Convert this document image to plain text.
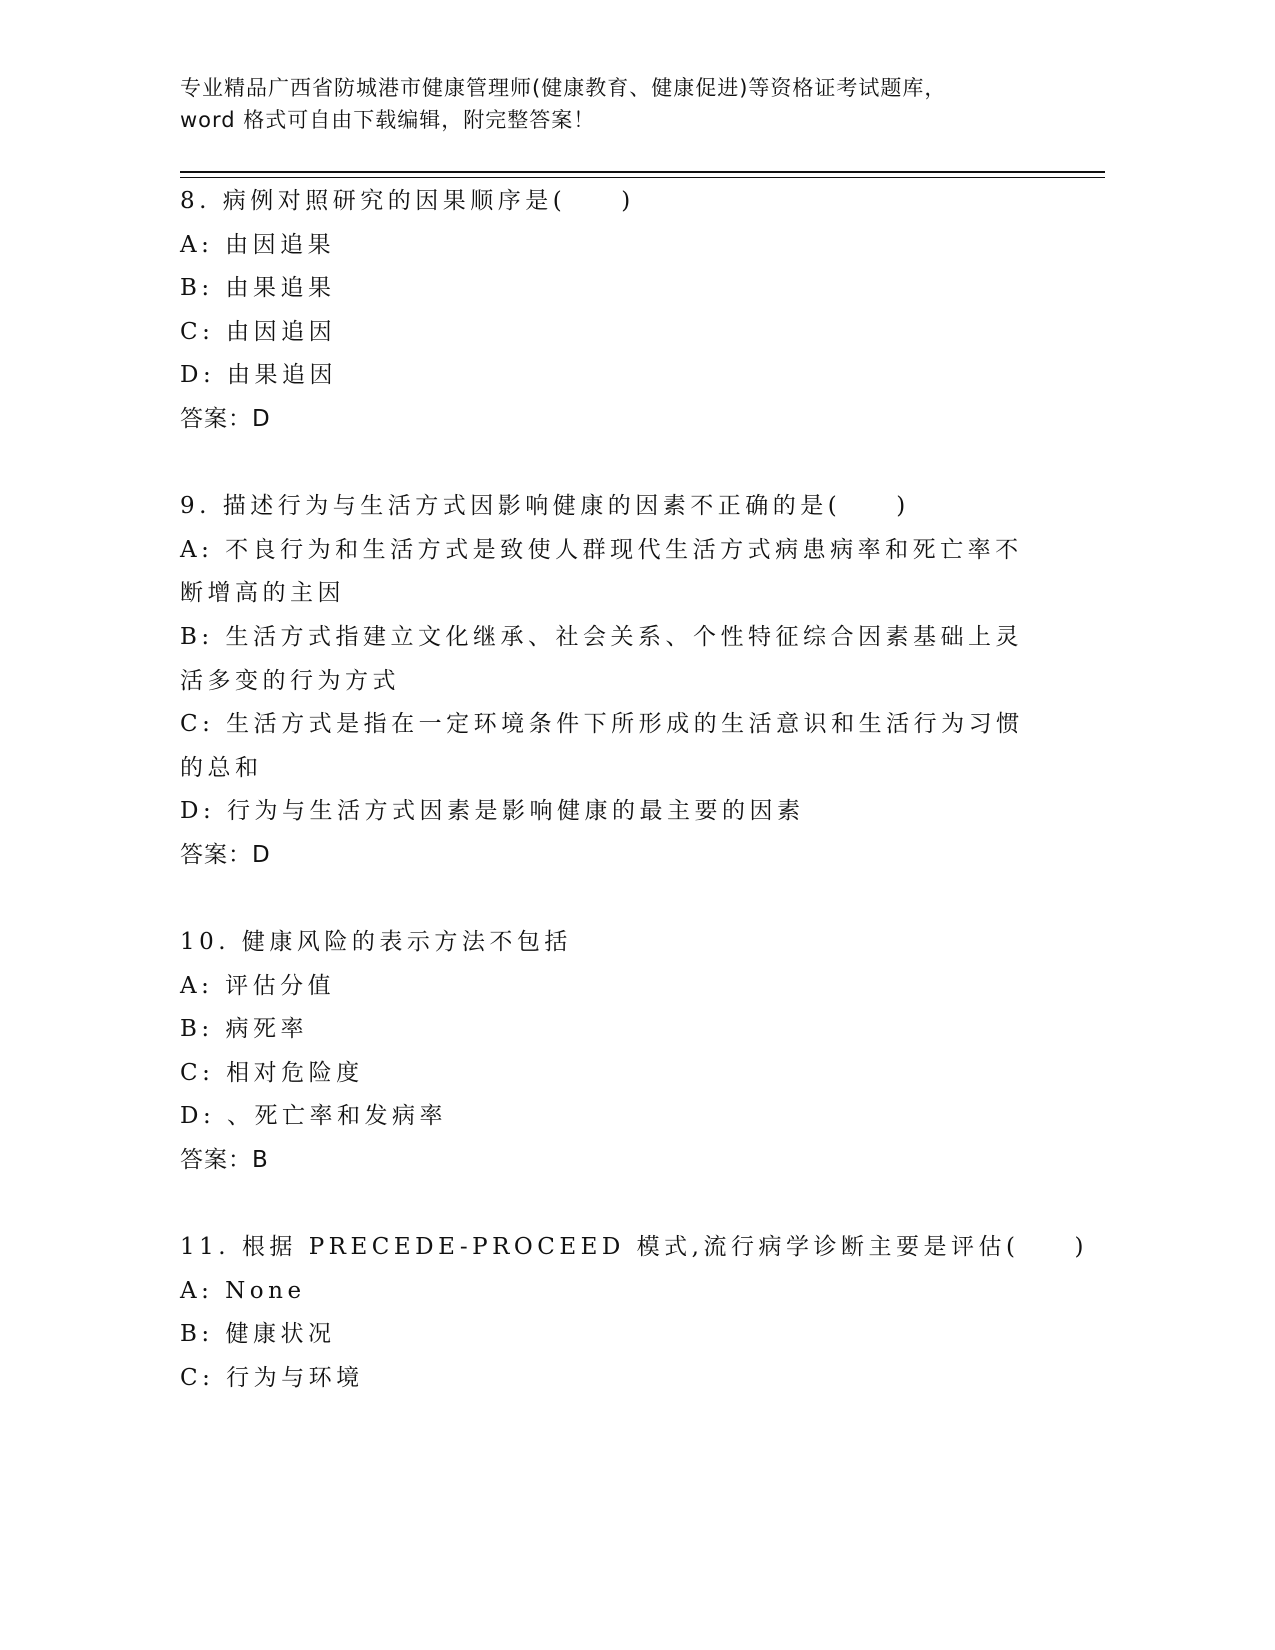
专业精品广西省防城港市健康管理师(健康教育、健康促进)等资格证考试题库，
word 格式可自由下载编辑，附完整答案！
8. 病例对照研究的因果顺序是(　　)
A: 由因追果
B: 由果追果
C: 由因追因
D: 由果追因
答案：D
9. 描述行为与生活方式因影响健康的因素不正确的是(　　)
A: 不良行为和生活方式是致使人群现代生活方式病患病率和死亡率不
断增高的主因
B: 生活方式指建立文化继承、社会关系、个性特征综合因素基础上灵
活多变的行为方式
C: 生活方式是指在一定环境条件下所形成的生活意识和生活行为习惯
的总和
D: 行为与生活方式因素是影响健康的最主要的因素
答案：D
10. 健康风险的表示方法不包括
A: 评估分值
B: 病死率
C: 相对危险度
D: 、死亡率和发病率
答案：B
11. 根据 PRECEDE-PROCEED 模式,流行病学诊断主要是评估(　　)
A: None
B: 健康状况
C: 行为与环境
